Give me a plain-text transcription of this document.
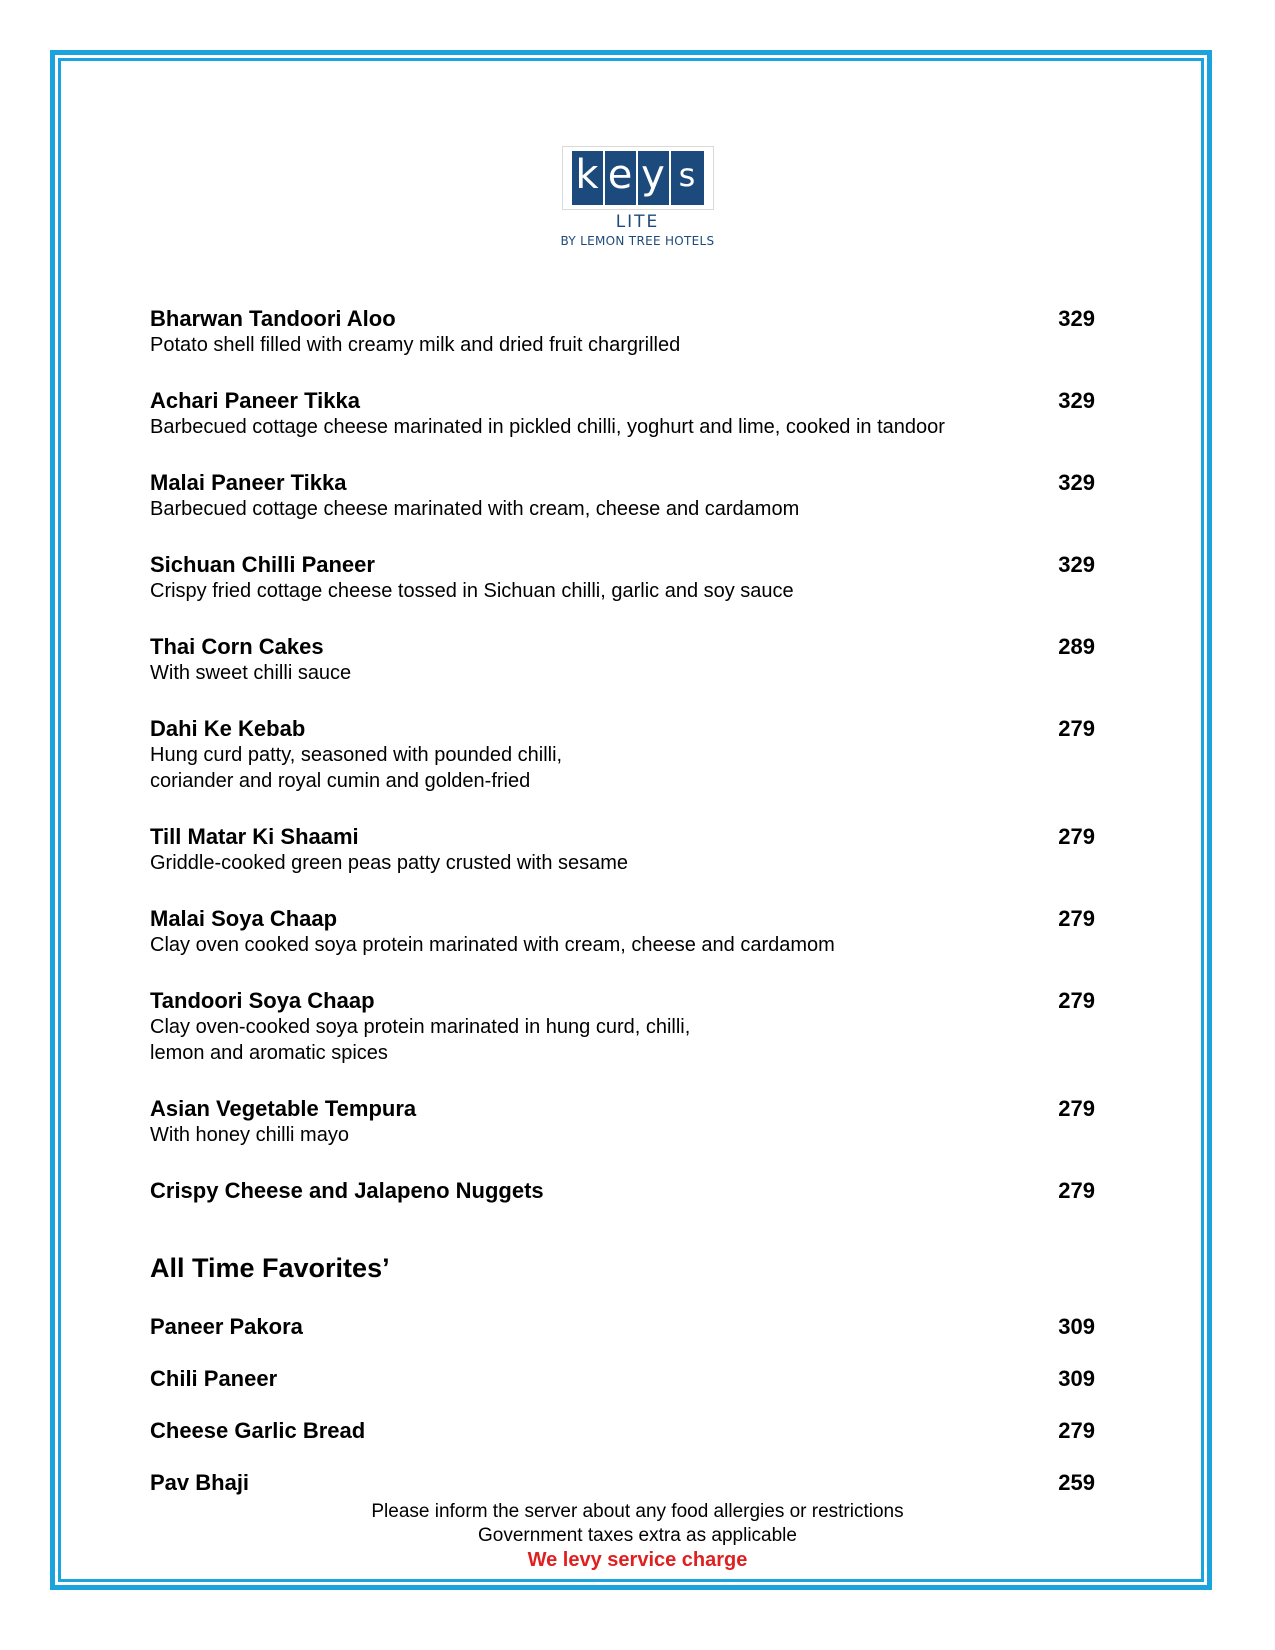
k e y s
LITE
BY LEMON TREE HOTELS
Bharwan Tandoori Aloo	329
Potato shell filled with creamy milk and dried fruit chargrilled
Achari Paneer Tikka	329
Barbecued cottage cheese marinated in pickled chilli, yoghurt and lime, cooked in tandoor
Malai Paneer Tikka	329
Barbecued cottage cheese marinated with cream, cheese and cardamom
Sichuan Chilli Paneer	329
Crispy fried cottage cheese tossed in Sichuan chilli, garlic and soy sauce
Thai Corn Cakes	289
With sweet chilli sauce
Dahi Ke Kebab	279
Hung curd patty, seasoned with pounded chilli,
coriander and royal cumin and golden-fried
Till Matar Ki Shaami	279
Griddle-cooked green peas patty crusted with sesame
Malai Soya Chaap	279
Clay oven cooked soya protein marinated with cream, cheese and cardamom
Tandoori Soya Chaap	279
Clay oven-cooked soya protein marinated in hung curd, chilli,
lemon and aromatic spices
Asian Vegetable Tempura	279
With honey chilli mayo
Crispy Cheese and Jalapeno Nuggets	279
All Time Favorites’
Paneer Pakora	309
Chili Paneer	309
Cheese Garlic Bread	279
Pav Bhaji	259
Please inform the server about any food allergies or restrictions
Government taxes extra as applicable
We levy service charge
